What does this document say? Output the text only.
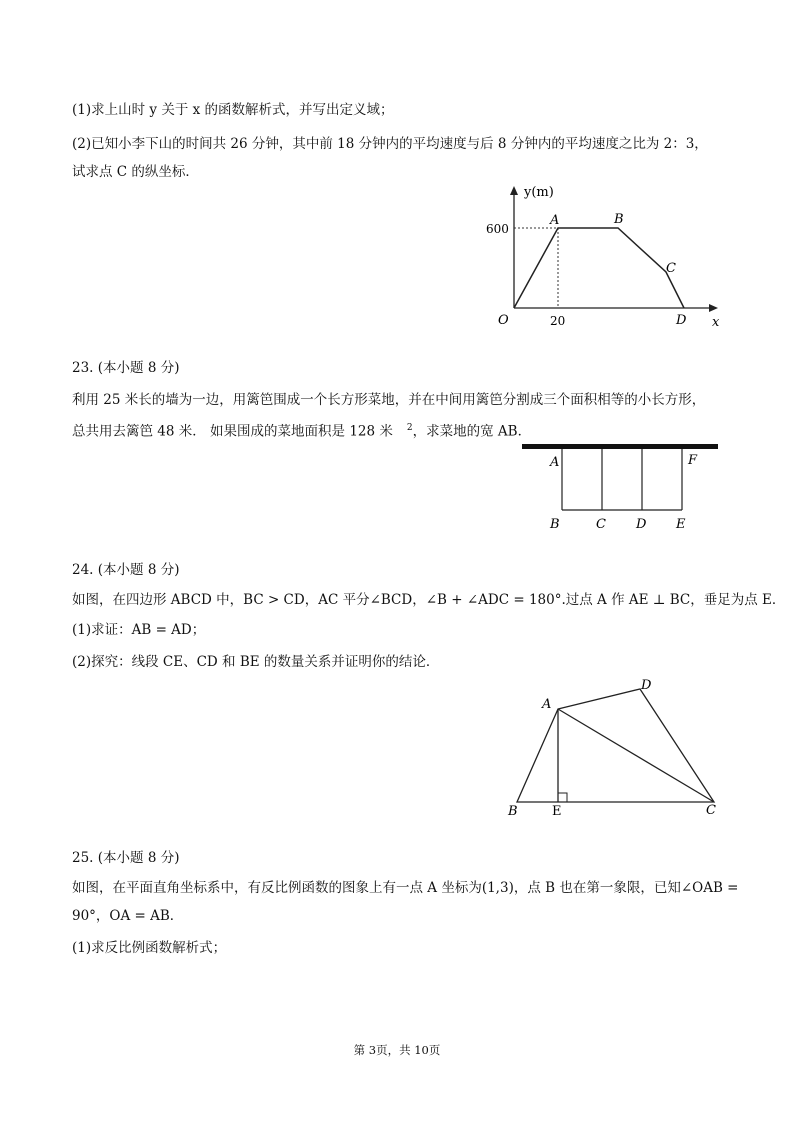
(1)求上山时 y 关于 x 的函数解析式，并写出定义域；
(2)已知小李下山的时间共 26 分钟，其中前 18 分钟内的平均速度与后 8 分钟内的平均速度之比为 2：3，
试求点 C 的纵坐标．
y(m)
x
O
600
20
A	B
C
D
23. (本小题 8 分)
利用 25 米长的墙为一边，用篱笆围成一个长方形菜地，并在中间用篱笆分割成三个面积相等的小长方形，
总共用去篱笆 48 米． 如果围成的菜地面积是 128 米 $^2$，求菜地的宽 AB．
A	F
B	C D E
24. (本小题 8 分)
如图，在四边形 ABCD 中，BC > CD，AC 平分∠BCD，∠B + ∠ADC = 180°.过点 A 作 AE ⊥ BC，垂足为点 E．
(1)求证：AB = AD；
(2)探究：线段 CE、CD 和 BE 的数量关系并证明你的结论．
A
D
B	E	C
25. (本小题 8 分)
如图，在平面直角坐标系中，有反比例函数的图象上有一点 A 坐标为(1,3)，点 B 也在第一象限，已知∠OAB =
90°，OA = AB．
(1)求反比例函数解析式；
第 3页，共 10页
